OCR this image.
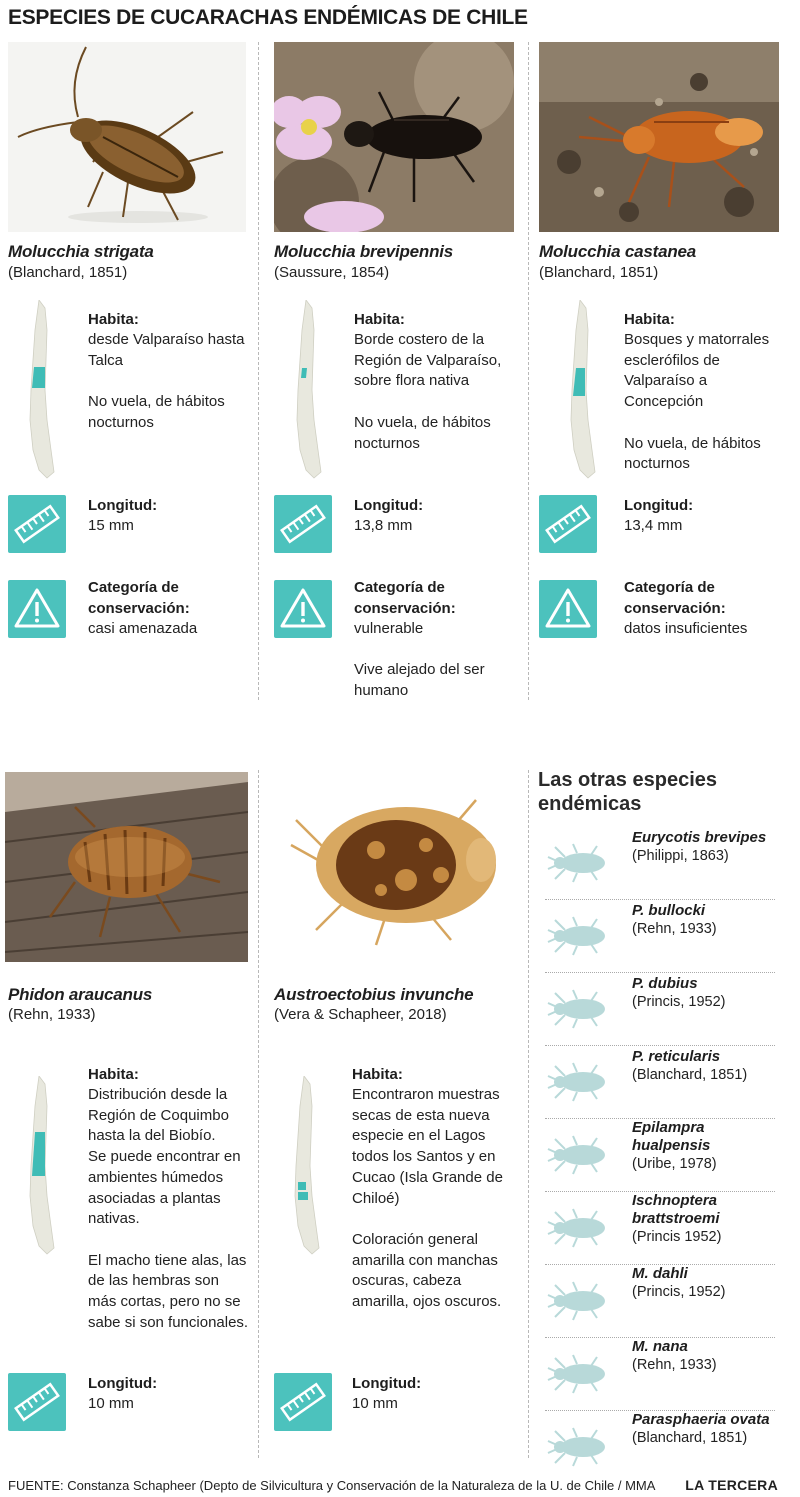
ESPECIES DE CUCARACHAS ENDÉMICAS DE CHILE
Molucchia strigata
(Blanchard, 1851)
Habita:
desde Valparaíso hasta
Talca

No vuela, de hábitos
nocturnos
Longitud:
15 mm
Categoría de
conservación:
casi amenazada
Molucchia brevipennis
(Saussure, 1854)
Habita:
Borde costero de la
Región de Valparaíso,
sobre flora nativa

No vuela, de hábitos
nocturnos
Longitud:
13,8 mm
Categoría de
conservación:
vulnerable

Vive alejado del ser
humano
Molucchia castanea
(Blanchard, 1851)
Habita:
Bosques y matorrales
escleróﬁlos de
Valparaíso a
Concepción

No vuela, de hábitos
nocturnos
Longitud:
13,4 mm
Categoría de
conservación:
datos insuﬁcientes
Phidon araucanus
(Rehn, 1933)
Habita:
Distribución desde la
Región de Coquimbo
hasta la del Biobío.
Se puede encontrar en
ambientes húmedos
asociadas a plantas
nativas.

El macho tiene alas, las
de las hembras son
más cortas, pero no se
sabe si son funcionales.
Longitud:
10 mm
Austroectobius invunche
(Vera & Schapheer, 2018)
Habita:
Encontraron muestras
secas de esta nueva
especie en el Lagos
todos los Santos y en
Cucao (Isla Grande de
Chiloé)

Coloración general
amarilla con manchas
oscuras, cabeza
amarilla, ojos oscuros.
Longitud:
10 mm
Las otras especies endémicas
Eurycotis brevipes
(Philippi, 1863)
P. bullocki
(Rehn, 1933)
P. dubius
(Princis, 1952)
P. reticularis
(Blanchard, 1851)
Epilampra hualpensis
(Uribe, 1978)
Ischnoptera brattstroemi
(Princis 1952)
M. dahli
(Princis, 1952)
M. nana
(Rehn, 1933)
Parasphaeria ovata
(Blanchard, 1851)
FUENTE: Constanza Schapheer (Depto de Silvicultura y Conservación de la Naturaleza de la U. de Chile / MMA LA TERCERA
